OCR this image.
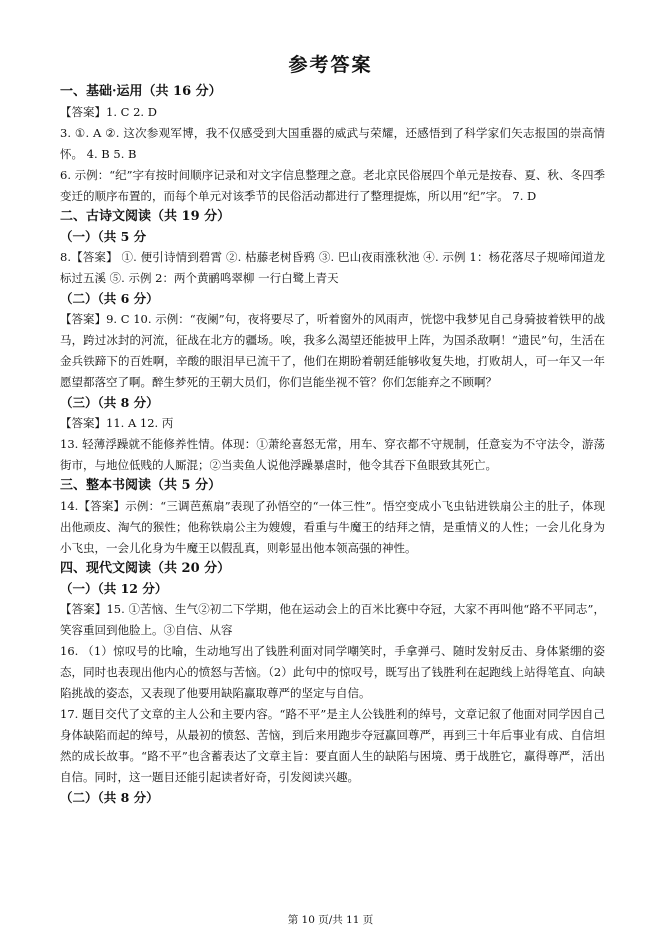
参考答案

一、基础·运用（共 16 分）

【答案】1. C 2. D

3. ①. A ②. 这次参观军博，我不仅感受到大国重器的威武与荣耀，还感悟到了科学家们矢志报国的崇高情怀。 4. B 5. B

6. 示例：“纪”字有按时间顺序记录和对文字信息整理之意。老北京民俗展四个单元是按春、夏、秋、冬四季变迁的顺序布置的，而每个单元对该季节的民俗活动都进行了整理提炼，所以用“纪”字。 7. D

二、古诗文阅读（共 19 分）

（一）（共 5 分

8.【答案】 ①. 便引诗情到碧霄 ②. 枯藤老树昏鸦 ③. 巴山夜雨涨秋池 ④. 示例 1：杨花落尽子规啼闻道龙标过五溪 ⑤. 示例 2：两个黄鹂鸣翠柳 一行白鹭上青天

（二）（共 6 分）

【答案】9. C 10. 示例：“夜阑”句，夜将要尽了，听着窗外的风雨声，恍惚中我梦见自己身骑披着铁甲的战马，跨过冰封的河流，征战在北方的疆场。唉，我多么渴望还能披甲上阵，为国杀敌啊！“遗民”句，生活在金兵铁蹄下的百姓啊，辛酸的眼泪早已流干了，他们在期盼着朝廷能够收复失地，打败胡人，可一年又一年愿望都落空了啊。醉生梦死的王朝大员们，你们岂能坐视不管？你们怎能弃之不顾啊？

（三）（共 8 分）

【答案】11. A 12. 丙

13. 轻薄浮躁就不能修养性情。体现：①萧纶喜怒无常，用车、穿衣都不守规制，任意妄为不守法令，游荡街市，与地位低贱的人厮混；②当卖鱼人说他浮躁暴虐时，他令其吞下鱼眼致其死亡。

三、整本书阅读（共 5 分）

14.【答案】示例：“三调芭蕉扇”表现了孙悟空的“一体三性”。悟空变成小飞虫钻进铁扇公主的肚子，体现出他顽皮、淘气的猴性；他称铁扇公主为嫂嫂，看重与牛魔王的结拜之情，是重情义的人性；一会儿化身为小飞虫，一会儿化身为牛魔王以假乱真，则彰显出他本领高强的神性。

四、现代文阅读（共 20 分）

（一）（共 12 分）

【答案】15. ①苦恼、生气②初二下学期，他在运动会上的百米比赛中夺冠，大家不再叫他“路不平同志”，笑容重回到他脸上。③自信、从容

16. （1）惊叹号的比喻，生动地写出了钱胜利面对同学嘲笑时，手拿弹弓、随时发射反击、身体紧绷的姿态，同时也表现出他内心的愤怒与苦恼。（2）此句中的惊叹号，既写出了钱胜利在起跑线上站得笔直、向缺陷挑战的姿态，又表现了他要用缺陷赢取尊严的坚定与自信。

17. 题目交代了文章的主人公和主要内容。“路不平”是主人公钱胜利的绰号，文章记叙了他面对同学因自己身体缺陷而起的绰号，从最初的愤怒、苦恼，到后来用跑步夺冠赢回尊严，再到三十年后事业有成、自信坦然的成长故事。“路不平”也含蓄表达了文章主旨：要直面人生的缺陷与困境、勇于战胜它，赢得尊严，活出自信。同时，这一题目还能引起读者好奇，引发阅读兴趣。

（二）（共 8 分）

第 10 页/共 11 页
